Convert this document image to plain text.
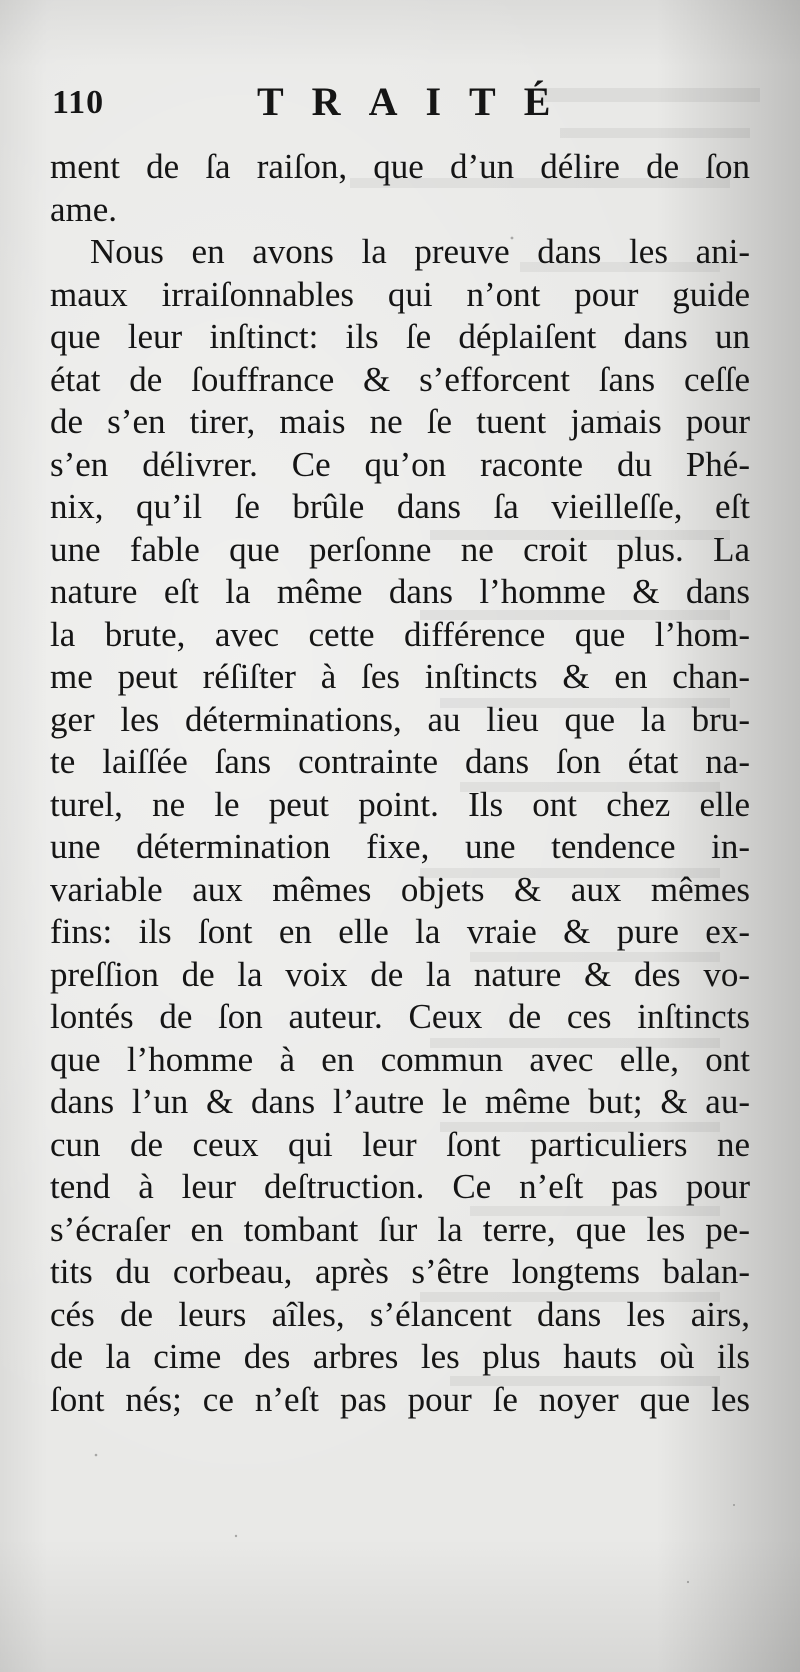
110	TRAITÉ
ment de ſa raiſon, que d’un délire de ſon
ame.
Nous en avons la preuve dans les ani-
maux irraiſonnables qui n’ont pour guide
que leur inſtinct: ils ſe déplaiſent dans un
état de ſouffrance & s’efforcent ſans ceſſe
de s’en tirer, mais ne ſe tuent jamais pour
s’en délivrer. Ce qu’on raconte du Phé-
nix, qu’il ſe brûle dans ſa vieilleſſe, eſt
une fable que perſonne ne croit plus. La
nature eſt la même dans l’homme & dans
la brute, avec cette différence que l’hom-
me peut réſiſter à ſes inſtincts & en chan-
ger les déterminations, au lieu que la bru-
te laiſſée ſans contrainte dans ſon état na-
turel, ne le peut point. Ils ont chez elle
une détermination fixe, une tendence in-
variable aux mêmes objets & aux mêmes
fins: ils ſont en elle la vraie & pure ex-
preſſion de la voix de la nature & des vo-
lontés de ſon auteur. Ceux de ces inſtincts
que l’homme à en commun avec elle, ont
dans l’un & dans l’autre le même but; & au-
cun de ceux qui leur ſont particuliers ne
tend à leur deſtruction. Ce n’eſt pas pour
s’écraſer en tombant ſur la terre, que les pe-
tits du corbeau, après s’être longtems balan-
cés de leurs aîles, s’élancent dans les airs,
de la cime des arbres les plus hauts où ils
ſont nés; ce n’eſt pas pour ſe noyer que les
